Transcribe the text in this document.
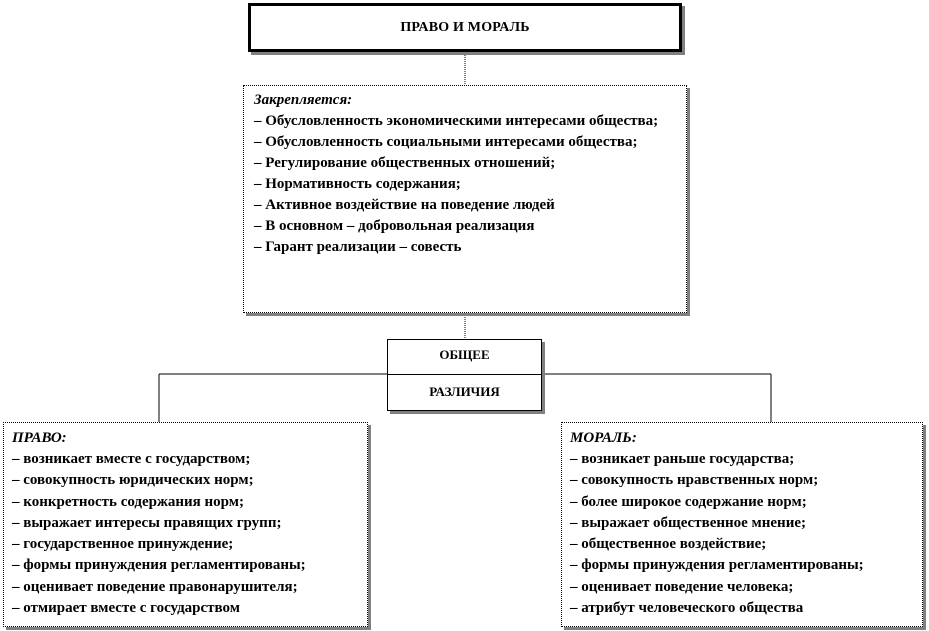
ПРАВО И МОРАЛЬ
Закрепляется:
– Обусловленность экономическими интересами общества;
– Обусловленность социальными интересами общества;
– Регулирование общественных отношений;
– Нормативность содержания;
– Активное воздействие на поведение людей
– В основном – добровольная реализация
– Гарант реализации – совесть
ОБЩЕЕ
РАЗЛИЧИЯ
ПРАВО:
– возникает вместе с государством;
– совокупность юридических норм;
– конкретность содержания норм;
– выражает интересы правящих групп;
– государственное принуждение;
– формы принуждения регламентированы;
– оценивает поведение правонарушителя;
– отмирает вместе с государством
МОРАЛЬ:
– возникает раньше государства;
– совокупность нравственных норм;
– более широкое содержание норм;
– выражает общественное мнение;
– общественное воздействие;
– формы принуждения регламентированы;
– оценивает поведение человека;
– атрибут человеческого общества
